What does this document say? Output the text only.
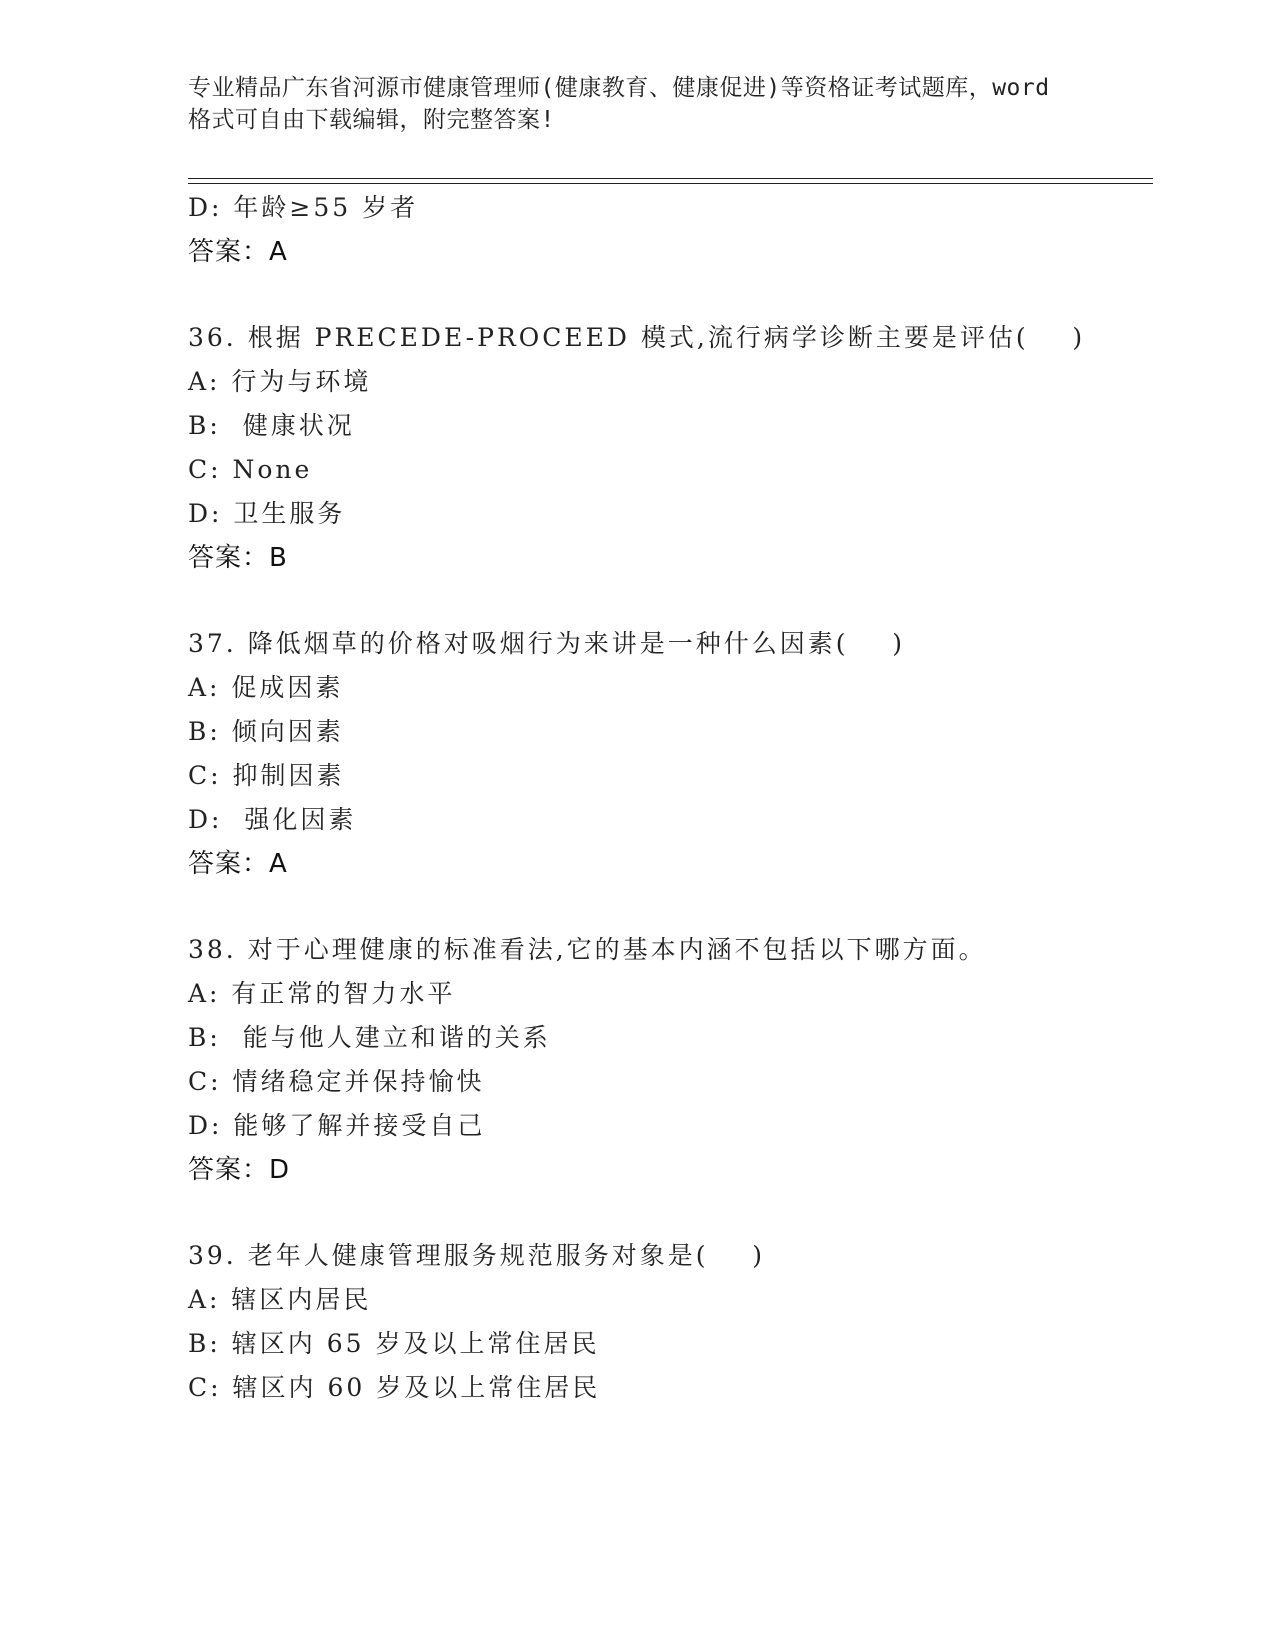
专业精品广东省河源市健康管理师(健康教育、健康促进)等资格证考试题库，word
格式可自由下载编辑，附完整答案!
D: 年龄≥55 岁者
答案：A
36. 根据 PRECEDE-PROCEED 模式,流行病学诊断主要是评估(    )
A: 行为与环境
B:  健康状况
C: None
D: 卫生服务
答案：B
37. 降低烟草的价格对吸烟行为来讲是一种什么因素(    )
A: 促成因素
B: 倾向因素
C: 抑制因素
D:  强化因素
答案：A
38. 对于心理健康的标准看法,它的基本内涵不包括以下哪方面。
A: 有正常的智力水平
B:  能与他人建立和谐的关系
C: 情绪稳定并保持愉快
D: 能够了解并接受自己
答案：D
39. 老年人健康管理服务规范服务对象是(    )
A: 辖区内居民
B: 辖区内 65 岁及以上常住居民
C: 辖区内 60 岁及以上常住居民
